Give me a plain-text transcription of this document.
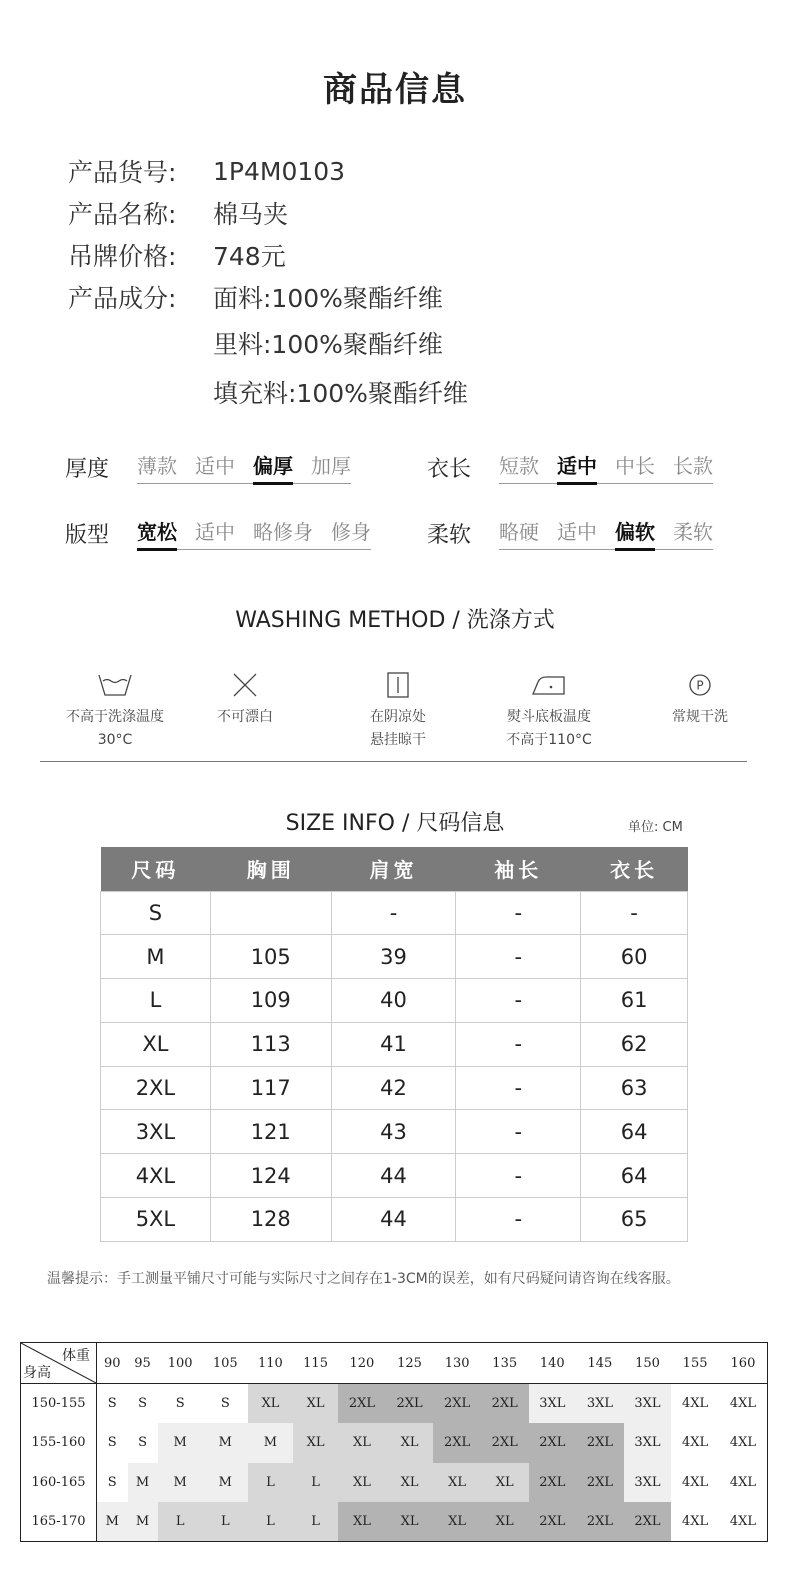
商品信息
产品货号:	1P4M0103
产品名称:	棉马夹
吊牌价格:	748元
产品成分:	面料:100%聚酯纤维
里料:100%聚酯纤维
填充料:100%聚酯纤维
厚度	薄款 适中 偏厚 加厚	衣长	短款 适中 中长 长款
版型	宽松 适中 略修身 修身	柔软	略硬 适中 偏软 柔软
WASHING METHOD / 洗涤方式
不高于洗涤温度
30°C
不可漂白	在阴凉处
悬挂晾干
熨斗底板温度
不高于110°C
P
常规干洗
SIZE INFO / 尺码信息	单位: CM
尺码	胸围	肩宽	袖长	衣长
S		-	-	-
M	105	39	-	60
L	109	40	-	61
XL	113	41	-	62
2XL	117	42	-	63
3XL	121	43	-	64
4XL	124	44	-	64
5XL	128	44	-	65
温馨提示：手工测量平铺尺寸可能与实际尺寸之间存在1-3CM的误差，如有尺码疑问请咨询在线客服。
体重
身高	90	95	100	105	110	115	120	125	130	135	140	145	150	155	160
150-155	S	S	S	S	XL	XL	2XL	2XL	2XL	2XL	3XL	3XL	3XL	4XL	4XL
155-160	S	S	M	M	M	XL	XL	XL	2XL	2XL	2XL	2XL	3XL	4XL	4XL
160-165	S	M	M	M	L	L	XL	XL	XL	XL	2XL	2XL	3XL	4XL	4XL
165-170	M	M	L	L	L	L	XL	XL	XL	XL	2XL	2XL	2XL	4XL	4XL
